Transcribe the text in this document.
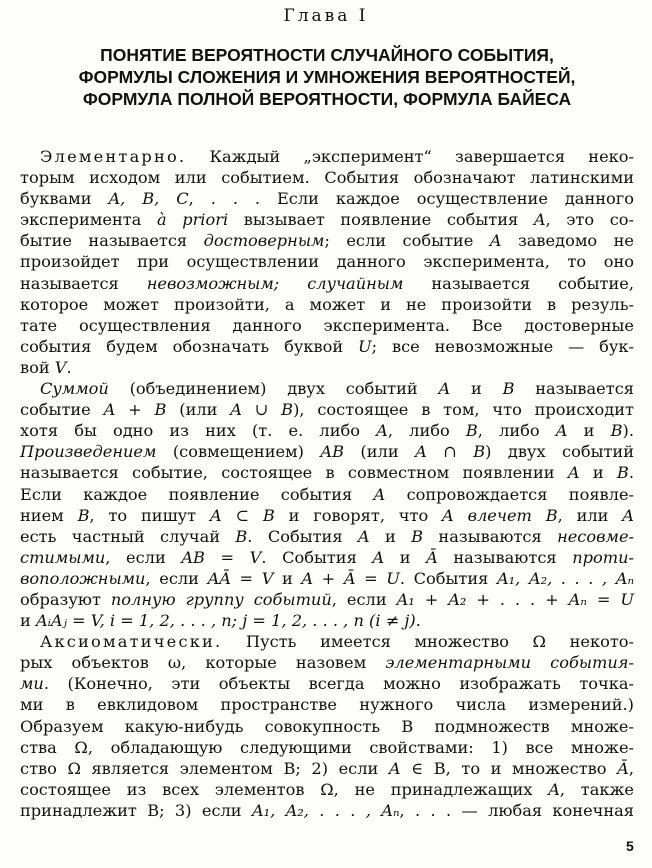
Глава I
ПОНЯТИЕ ВЕРОЯТНОСТИ СЛУЧАЙНОГО СОБЫТИЯ,
ФОРМУЛЫ СЛОЖЕНИЯ И УМНОЖЕНИЯ ВЕРОЯТНОСТЕЙ,
ФОРМУЛА ПОЛНОЙ ВЕРОЯТНОСТИ, ФОРМУЛА БАЙЕСА
Элементарно. Каждый „эксперимент“ завершается неко-
торым исходом или событием. События обозначают латинскими
буквами A, B, C, . . . Если каждое осуществление данного
эксперимента à priori вызывает появление события A, это со-
бытие называется достоверным; если событие A заведомо не
произойдет при осуществлении данного эксперимента, то оно
называется невозможным; случайным называется событие,
которое может произойти, а может и не произойти в резуль-
тате осуществления данного эксперимента. Все достоверные
события будем обозначать буквой U; все невозможные — бук-
вой V.
Суммой (объединением) двух событий A и B называется
событие A + B (или A ∪ B), состоящее в том, что происходит
хотя бы одно из них (т. е. либо A, либо B, либо A и B).
Произведением (совмещением) AB (или A ∩ B) двух событий
называется событие, состоящее в совместном появлении A и B.
Если каждое появление события A сопровождается появле-
нием B, то пишут A ⊂ B и говорят, что A влечет B, или A
есть частный случай B. События A и B называются несовме-
стимыми, если AB = V. События A и Ā называются проти-
воположными, если AĀ = V и A + Ā = U. События A₁, A₂, . . . , Aₙ
образуют полную группу событий, если A₁ + A₂ + . . . + Aₙ = U
и AᵢAⱼ = V, i = 1, 2, . . . , n; j = 1, 2, . . . , n (i ≠ j).
Аксиоматически. Пусть имеется множество Ω некото-
рых объектов ω, которые назовем элементарными события-
ми. (Конечно, эти объекты всегда можно изображать точка-
ми в евклидовом пространстве нужного числа измерений.)
Образуем какую-нибудь совокупность B подмножеств множе-
ства Ω, обладающую следующими свойствами: 1) все множе-
ство Ω является элементом B; 2) если A ∈ B, то и множество Ā,
состоящее из всех элементов Ω, не принадлежащих A, также
принадлежит B; 3) если A₁, A₂, . . . , Aₙ, . . . — любая конечная
5
